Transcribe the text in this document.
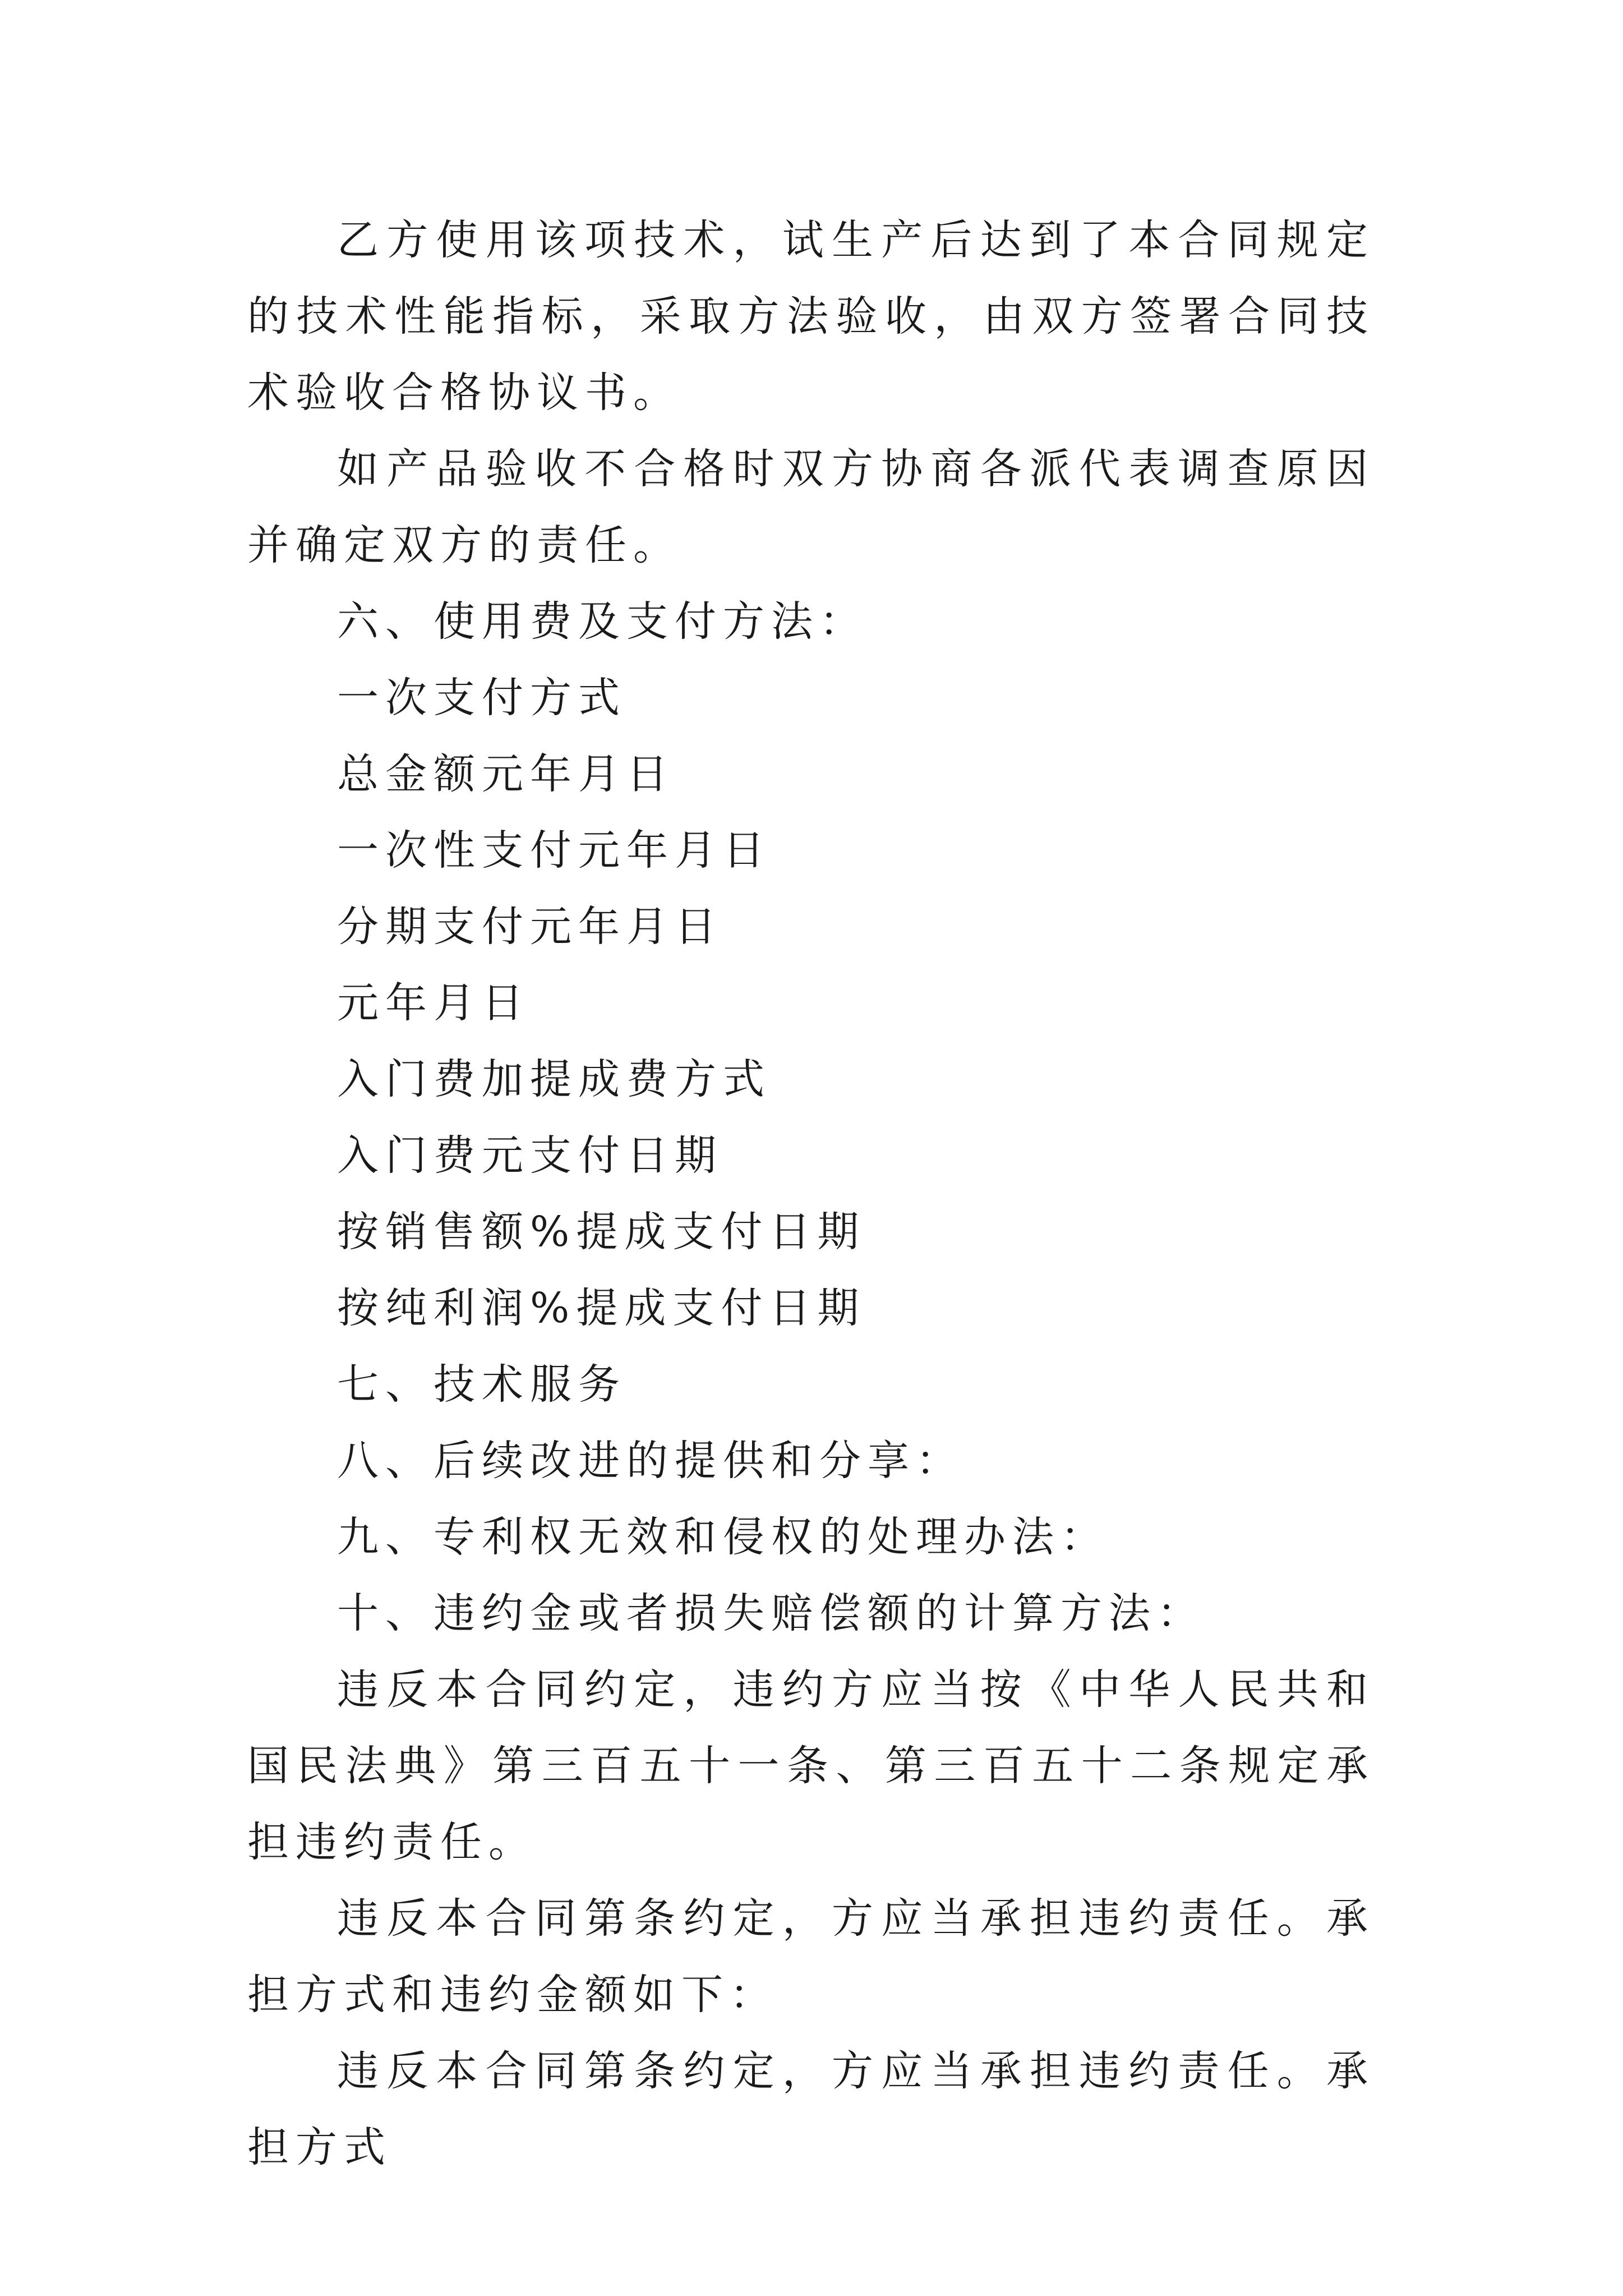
乙方使用该项技术，试生产后达到了本合同规定的技术性能指标，采取方法验收，由双方签署合同技术验收合格协议书。

如产品验收不合格时双方协商各派代表调查原因并确定双方的责任。

六、使用费及支付方法：

一次支付方式

总金额元年月日

一次性支付元年月日

分期支付元年月日

元年月日

入门费加提成费方式

入门费元支付日期

按销售额%提成支付日期

按纯利润%提成支付日期

七、技术服务

八、后续改进的提供和分享：

九、专利权无效和侵权的处理办法：

十、违约金或者损失赔偿额的计算方法：

违反本合同约定，违约方应当按《中华人民共和国民法典》第三百五十一条、第三百五十二条规定承担违约责任。

违反本合同第条约定，方应当承担违约责任。承担方式和违约金额如下：

违反本合同第条约定，方应当承担违约责任。承担方式
